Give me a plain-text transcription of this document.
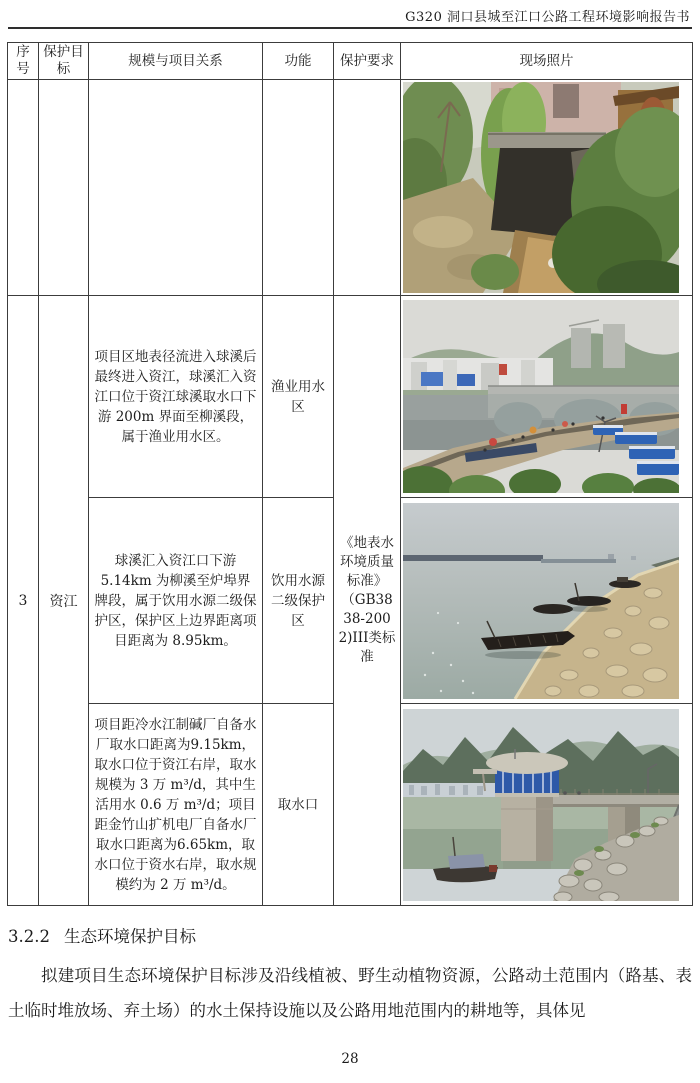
G320 洞口县城至江口公路工程环境影响报告书
序号	保护目标	规模与项目关系	功能	保护要求	现场照片

3	资江	项目区地表径流进入球溪后最终进入资江，球溪汇入资江口位于资江球溪取水口下游 200m 界面至柳溪段，属于渔业用水区。	渔业用水区	《地表水环境质量标准》（GB3838-2002)III类标准	

		球溪汇入资江口下游 5.14km 为柳溪至炉埠界牌段，属于饮用水源二级保护区，保护区上边界距离项目距离为 8.95km。	饮用水源二级保护区	

		项目距冷水江制碱厂自备水厂取水口距离为9.15km，取水口位于资江右岸，取水规模为 3 万 m³/d，其中生活用水 0.6 万 m³/d；项目距金竹山扩机电厂自备水厂取水口距离为6.65km，取水口位于资水右岸，取水规模约为 2 万 m³/d。	取水口	
3.2.2 生态环境保护目标
拟建项目生态环境保护目标涉及沿线植被、野生动植物资源，公路动土范围内（路基、表土临时堆放场、弃土场）的水土保持设施以及公路用地范围内的耕地等，具体见
28
